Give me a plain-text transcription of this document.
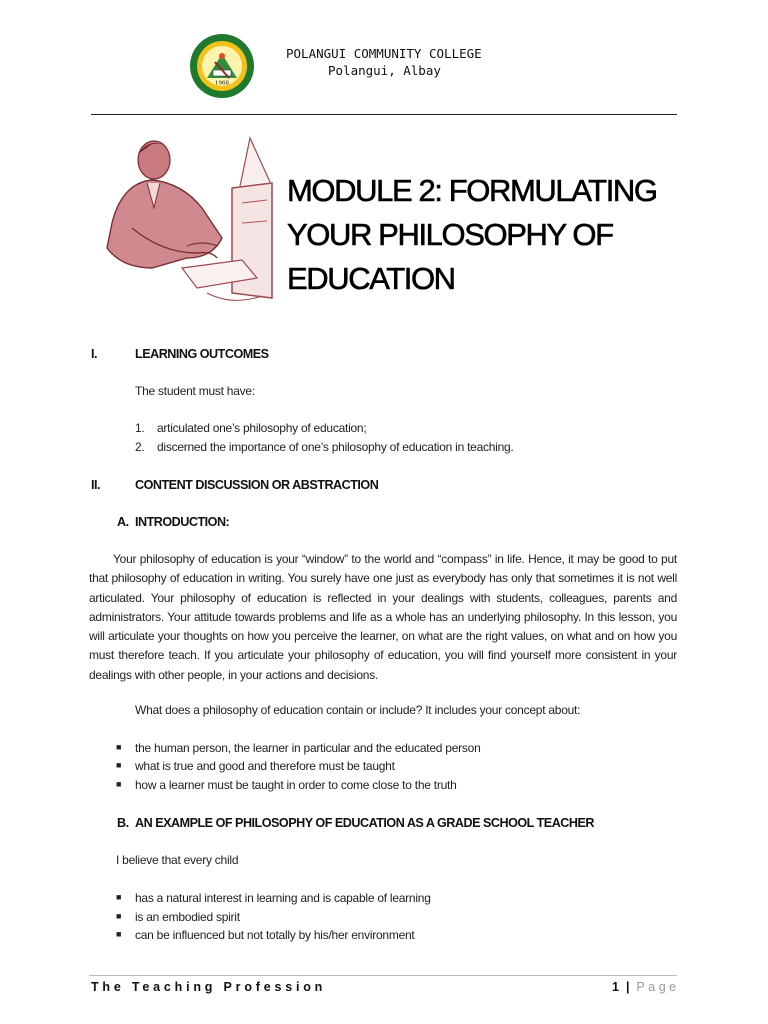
1968
POLANGUI COMMUNITY COLLEGE
Polangui, Albay
MODULE 2: FORMULATING
YOUR PHILOSOPHY OF
EDUCATION
I.	LEARNING OUTCOMES
The student must have:
1. articulated one’s philosophy of education;
2. discerned the importance of one’s philosophy of education in teaching.
II.	CONTENT DISCUSSION OR ABSTRACTION
A. INTRODUCTION:
Your philosophy of education is your “window” to the world and “compass” in life. Hence, it may be good to put that philosophy of education in writing. You surely have one just as everybody has only that sometimes it is not well articulated. Your philosophy of education is reflected in your dealings with students, colleagues, parents and administrators. Your attitude towards problems and life as a whole has an underlying philosophy. In this lesson, you will articulate your thoughts on how you perceive the learner, on what are the right values, on what and on how you must therefore teach. If you articulate your philosophy of education, you will find yourself more consistent in your dealings with other people, in your actions and decisions.
What does a philosophy of education contain or include? It includes your concept about:
■ the human person, the learner in particular and the educated person
■ what is true and good and therefore must be taught
■ how a learner must be taught in order to come close to the truth
B. AN EXAMPLE OF PHILOSOPHY OF EDUCATION AS A GRADE SCHOOL TEACHER
I believe that every child
■ has a natural interest in learning and is capable of learning
■ is an embodied spirit
■ can be influenced but not totally by his/her environment
The Teaching Profession	1 | Page
